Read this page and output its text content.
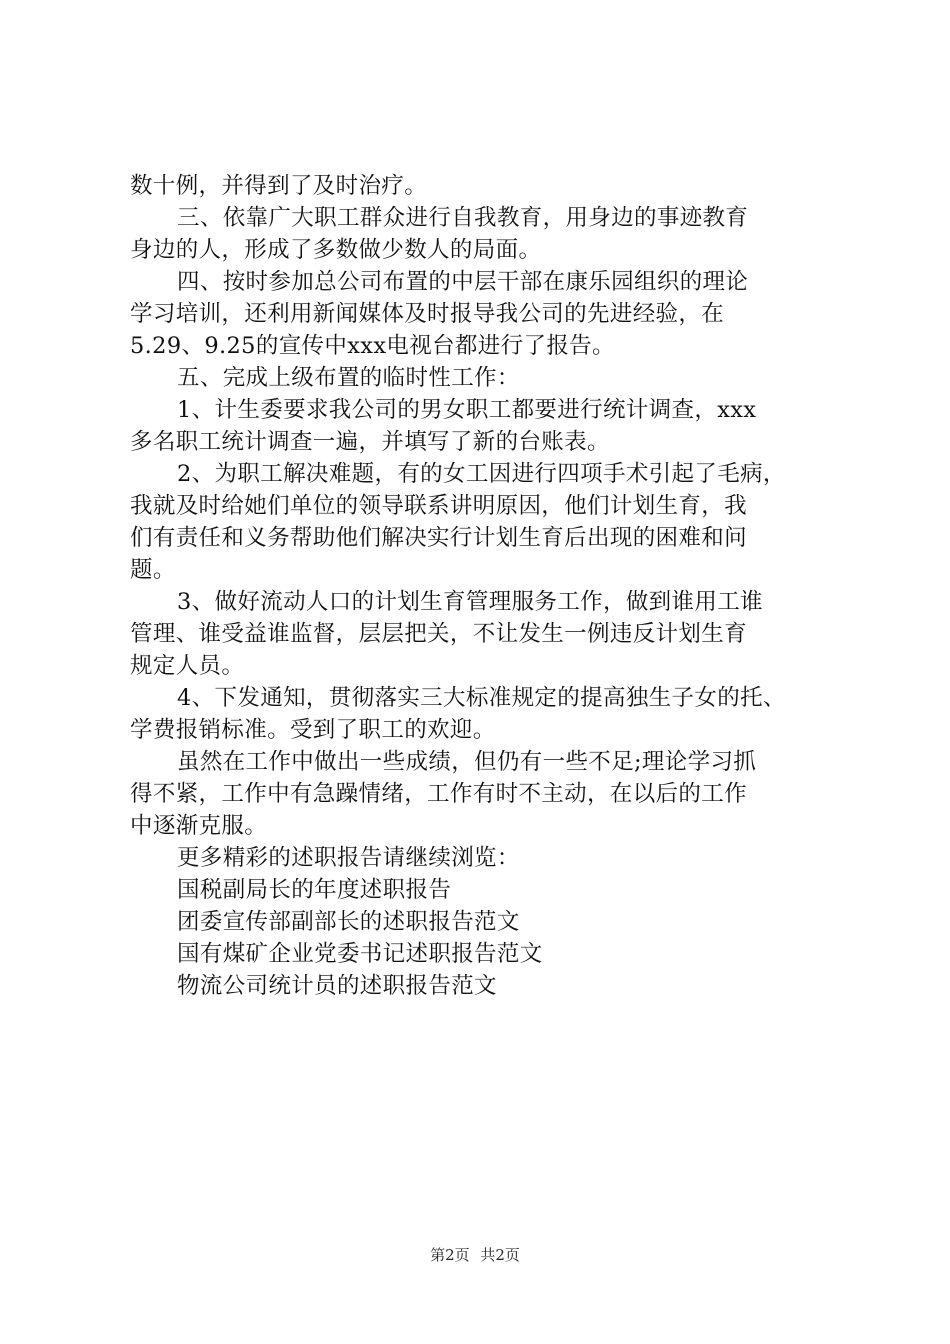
数十例，并得到了及时治疗。
三、依靠广大职工群众进行自我教育，用身边的事迹教育
身边的人，形成了多数做少数人的局面。
四、按时参加总公司布置的中层干部在康乐园组织的理论
学习培训，还利用新闻媒体及时报导我公司的先进经验，在
5.29、9.25的宣传中xxx电视台都进行了报告。
五、完成上级布置的临时性工作：
1、计生委要求我公司的男女职工都要进行统计调查，xxx
多名职工统计调查一遍，并填写了新的台账表。
2、为职工解决难题，有的女工因进行四项手术引起了毛病，
我就及时给她们单位的领导联系讲明原因，他们计划生育，我
们有责任和义务帮助他们解决实行计划生育后出现的困难和问
题。
3、做好流动人口的计划生育管理服务工作，做到谁用工谁
管理、谁受益谁监督，层层把关，不让发生一例违反计划生育
规定人员。
4、下发通知，贯彻落实三大标准规定的提高独生子女的托、
学费报销标准。受到了职工的欢迎。
虽然在工作中做出一些成绩，但仍有一些不足;理论学习抓
得不紧，工作中有急躁情绪，工作有时不主动，在以后的工作
中逐渐克服。
更多精彩的述职报告请继续浏览：
国税副局长的年度述职报告
团委宣传部副部长的述职报告范文
国有煤矿企业党委书记述职报告范文
物流公司统计员的述职报告范文
第2页 共2页
